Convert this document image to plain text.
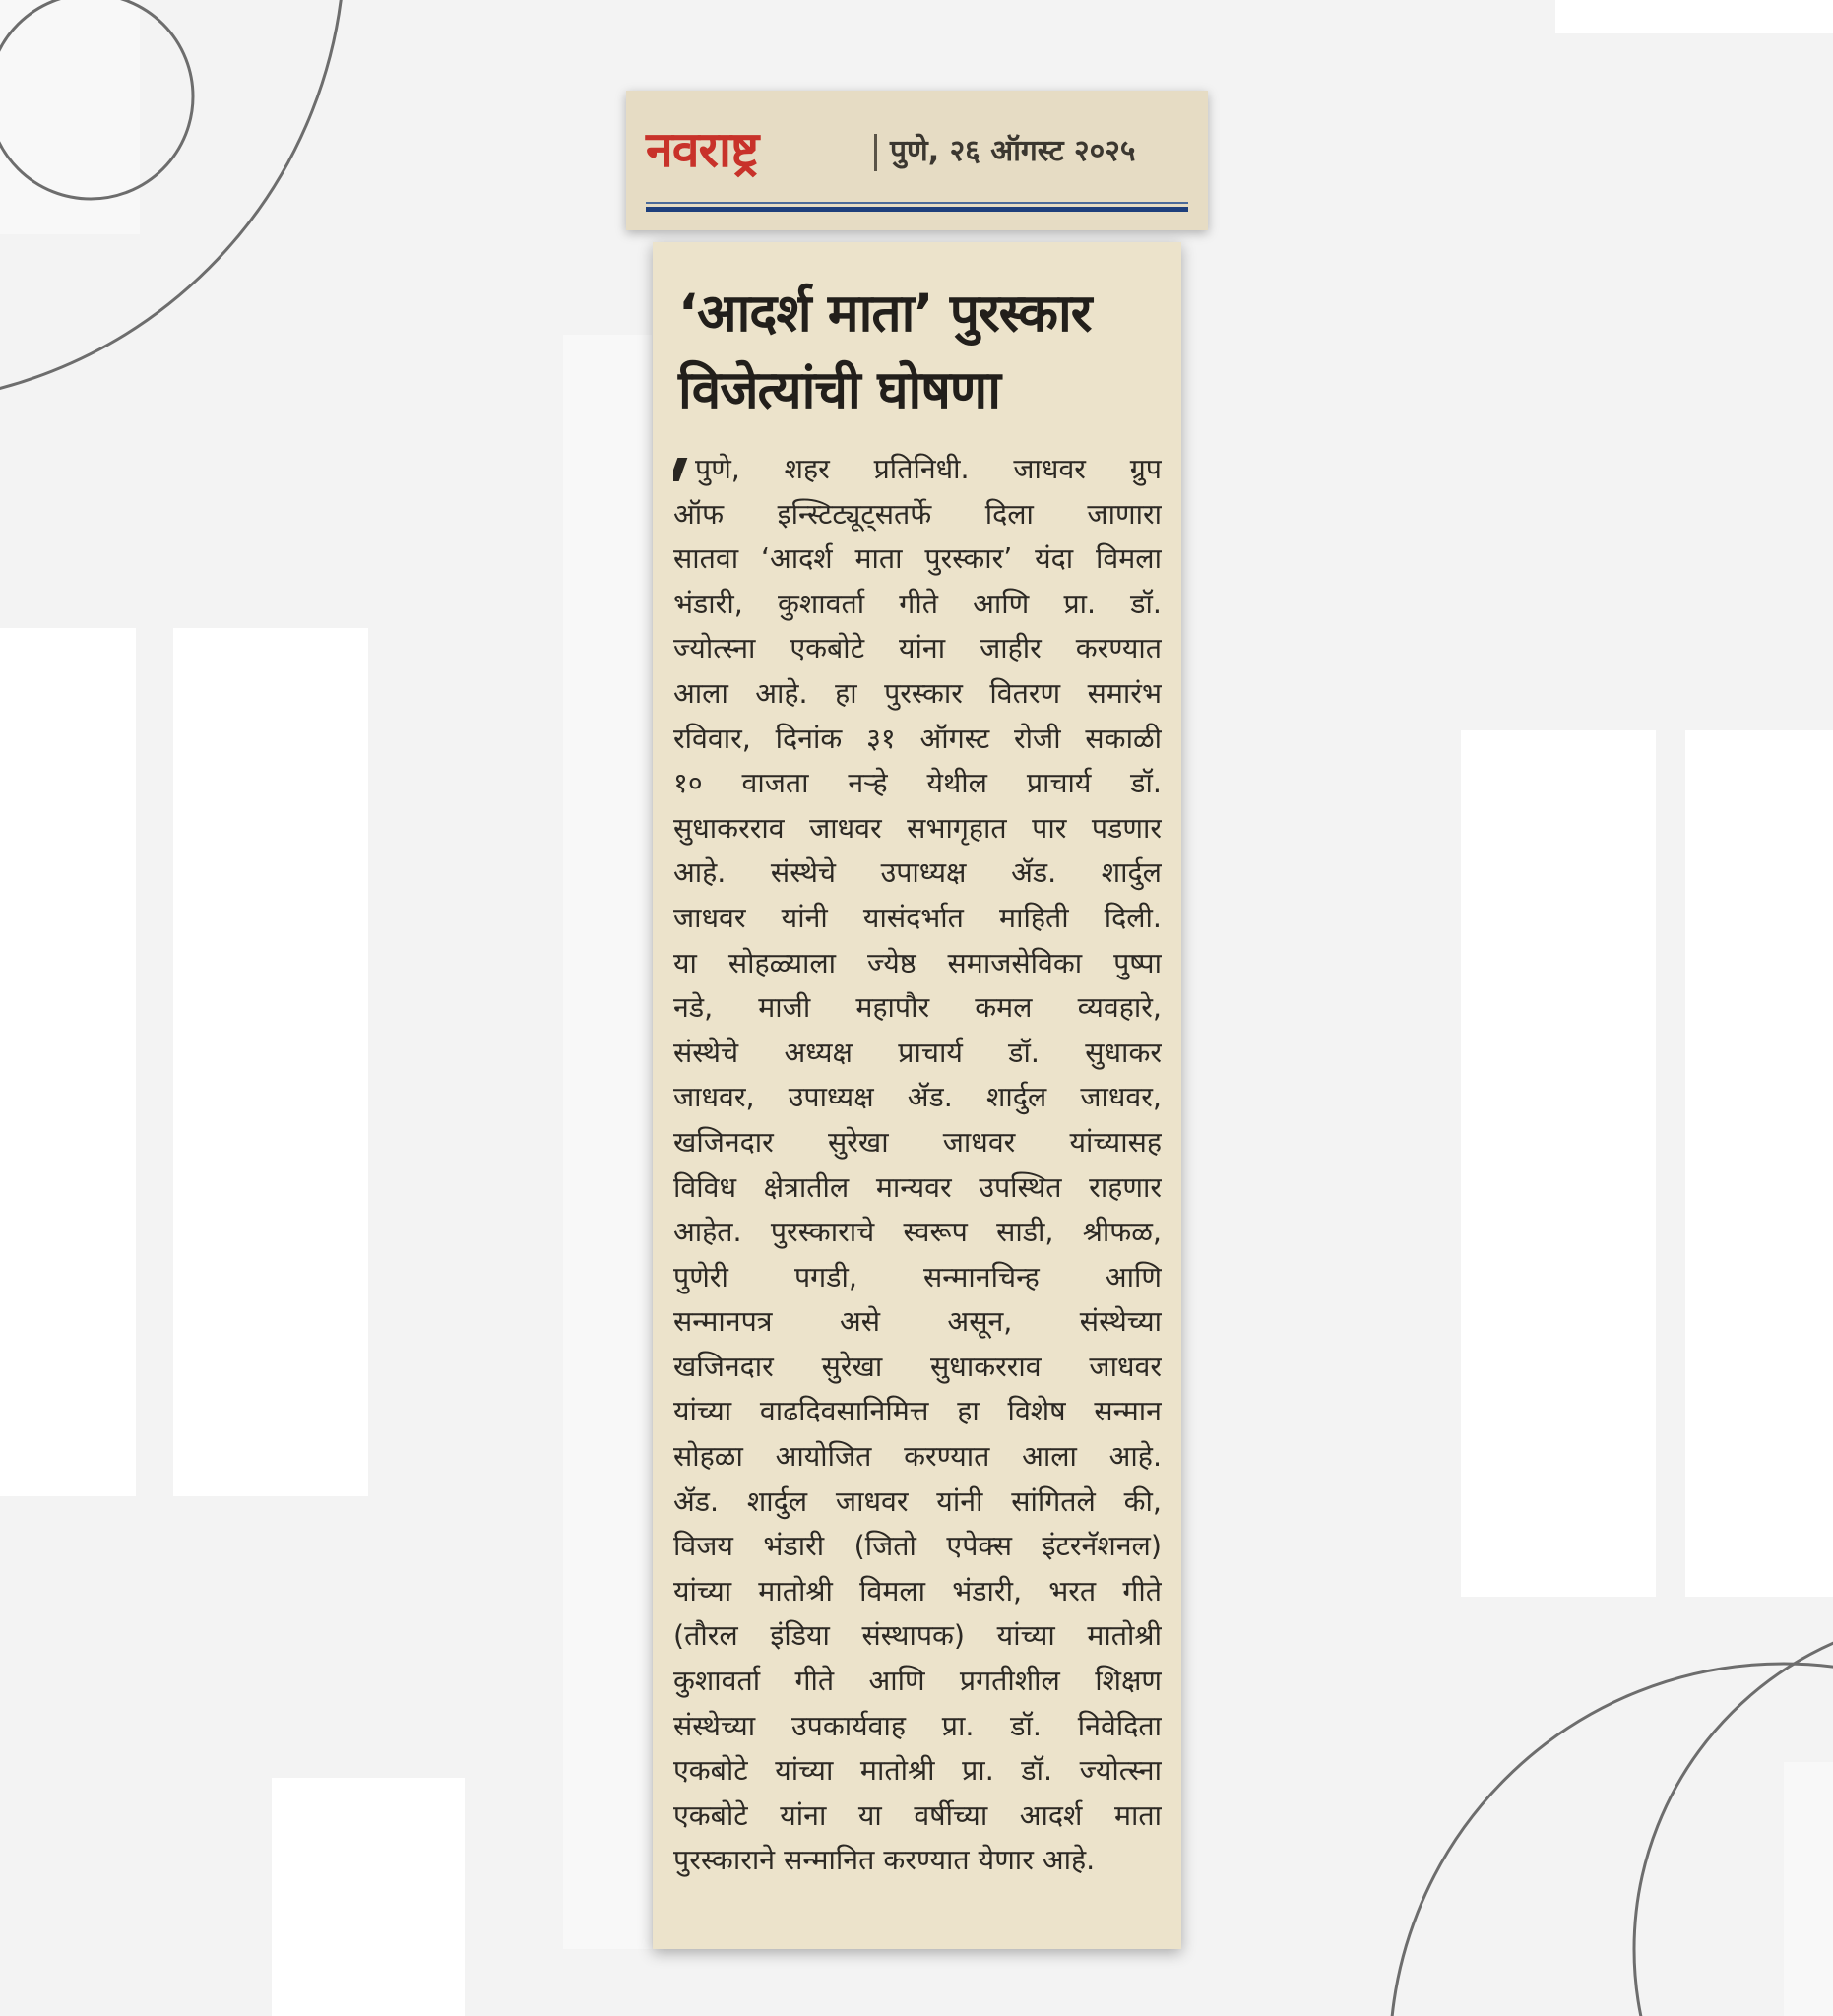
नवराष्ट्र	पुणे, २६ ऑगस्ट २०२५
‘आदर्श माता’ पुरस्कार
विजेत्यांची घोषणा
पुणे, शहर प्रतिनिधी. जाधवर ग्रुप
ऑफ इन्स्टिट्यूट्सतर्फे दिला जाणारा
सातवा ‘आदर्श माता पुरस्कार’ यंदा विमला
भंडारी, कुशावर्ता गीते आणि प्रा. डॉ.
ज्योत्स्ना एकबोटे यांना जाहीर करण्यात
आला आहे. हा पुरस्कार वितरण समारंभ
रविवार, दिनांक ३१ ऑगस्ट रोजी सकाळी
१० वाजता नऱ्हे येथील प्राचार्य डॉ.
सुधाकरराव जाधवर सभागृहात पार पडणार
आहे. संस्थेचे उपाध्यक्ष ॲड. शार्दुल
जाधवर यांनी यासंदर्भात माहिती दिली.
या सोहळ्याला ज्येष्ठ समाजसेविका पुष्पा
नडे, माजी महापौर कमल व्यवहारे,
संस्थेचे अध्यक्ष प्राचार्य डॉ. सुधाकर
जाधवर, उपाध्यक्ष ॲड. शार्दुल जाधवर,
खजिनदार सुरेखा जाधवर यांच्यासह
विविध क्षेत्रातील मान्यवर उपस्थित राहणार
आहेत. पुरस्काराचे स्वरूप साडी, श्रीफळ,
पुणेरी पगडी, सन्मानचिन्ह आणि
सन्मानपत्र असे असून, संस्थेच्या
खजिनदार सुरेखा सुधाकरराव जाधवर
यांच्या वाढदिवसानिमित्त हा विशेष सन्मान
सोहळा आयोजित करण्यात आला आहे.
ॲड. शार्दुल जाधवर यांनी सांगितले की,
विजय भंडारी (जितो एपेक्स इंटरनॅशनल)
यांच्या मातोश्री विमला भंडारी, भरत गीते
(तौरल इंडिया संस्थापक) यांच्या मातोश्री
कुशावर्ता गीते आणि प्रगतीशील शिक्षण
संस्थेच्या उपकार्यवाह प्रा. डॉ. निवेदिता
एकबोटे यांच्या मातोश्री प्रा. डॉ. ज्योत्स्ना
एकबोटे यांना या वर्षीच्या आदर्श माता
पुरस्काराने सन्मानित करण्यात येणार आहे.
